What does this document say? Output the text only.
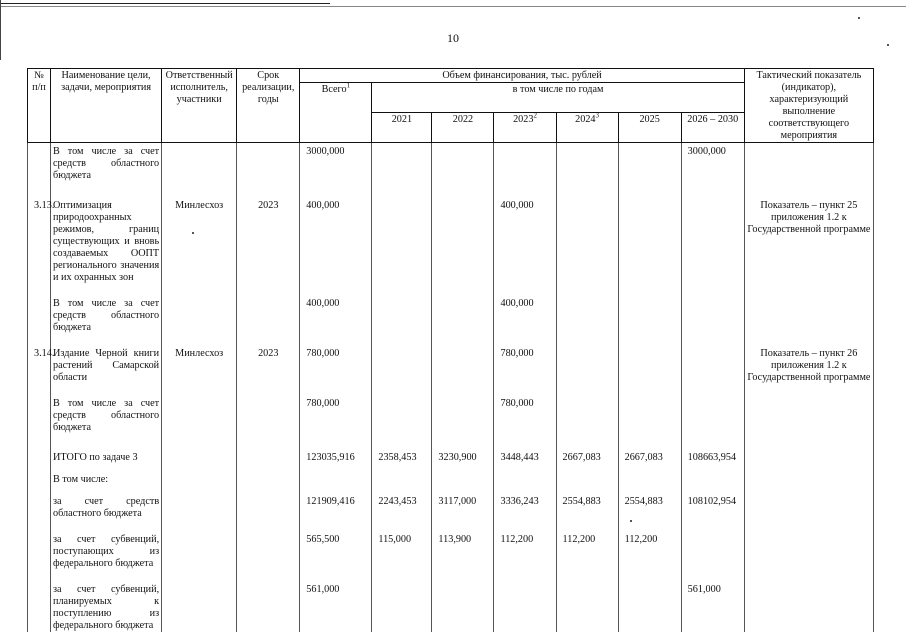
10
№ п/п	Наименование цели, задачи, мероприятия	Ответственный исполнитель, участники	Срок реализации, годы	Объем финансирования, тыс. рублей							Тактический показатель (индикатор), характеризующий выполнение соответствующего мероприятия
				Всего$^1$	в том числе по годам						
					2021	2022	2023$^2$	2024$^3$	2025	2026 – 2030	
	В том числе за счет средств областного бюджета			3000,000						3000,000	
3.13.	Оптимизация природоохранных режимов, границ существующих и вновь создаваемых ООПТ регионального значения и их охранных зон	Минлесхоз	2023	400,000			400,000				Показатель – пункт 25 приложения 1.2 к Государственной программе
	В том числе за счет средств областного бюджета			400,000			400,000				
3.14.	Издание Черной книги растений Самарской области	Минлесхоз	2023	780,000			780,000				Показатель – пункт 26 приложения 1.2 к Государственной программе
	В том числе за счет средств областного бюджета			780,000			780,000				
	ИТОГО по задаче 3			123035,916	2358,453	3230,900	3448,443	2667,083	2667,083	108663,954	
	В том числе:										
	за счет средств областного бюджета			121909,416	2243,453	3117,000	3336,243	2554,883	2554,883	108102,954	
	за счет субвенций, поступающих из федерального бюджета			565,500	115,000	113,900	112,200	112,200	112,200		
	за счет субвенций, планируемых к поступлению из федерального бюджета			561,000						561,000	
